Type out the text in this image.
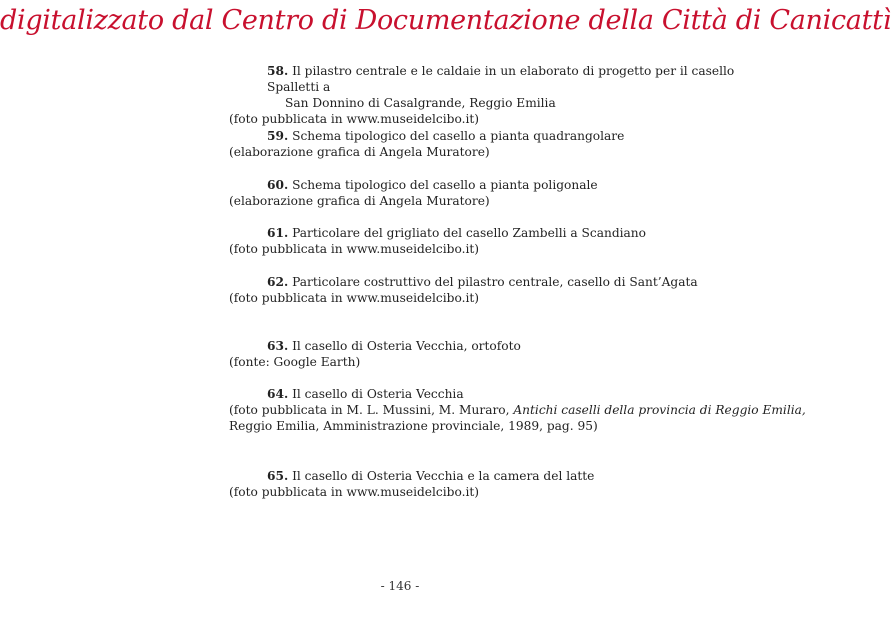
digitalizzato dal Centro di Documentazione della Città di Canicattì
58. Il pilastro centrale e le caldaie in un elaborato di progetto per il casello Spalletti a
San Donnino di Casalgrande, Reggio Emilia
(foto pubblicata in www.museidelcibo.it)
59. Schema tipologico del casello a pianta quadrangolare
(elaborazione grafica di Angela Muratore)
60. Schema tipologico del casello a pianta poligonale
(elaborazione grafica di Angela Muratore)
61. Particolare del grigliato del casello Zambelli a Scandiano
(foto pubblicata in www.museidelcibo.it)
62. Particolare costruttivo del pilastro centrale, casello di Sant’Agata
(foto pubblicata in www.museidelcibo.it)
63. Il casello di Osteria Vecchia, ortofoto
(fonte: Google Earth)
64. Il casello di Osteria Vecchia
(foto pubblicata in M. L. Mussini, M. Muraro, Antichi caselli della provincia di Reggio Emilia,
Reggio Emilia, Amministrazione provinciale, 1989, pag. 95)
65. Il casello di Osteria Vecchia e la camera del latte
(foto pubblicata in www.museidelcibo.it)
- 146 -
